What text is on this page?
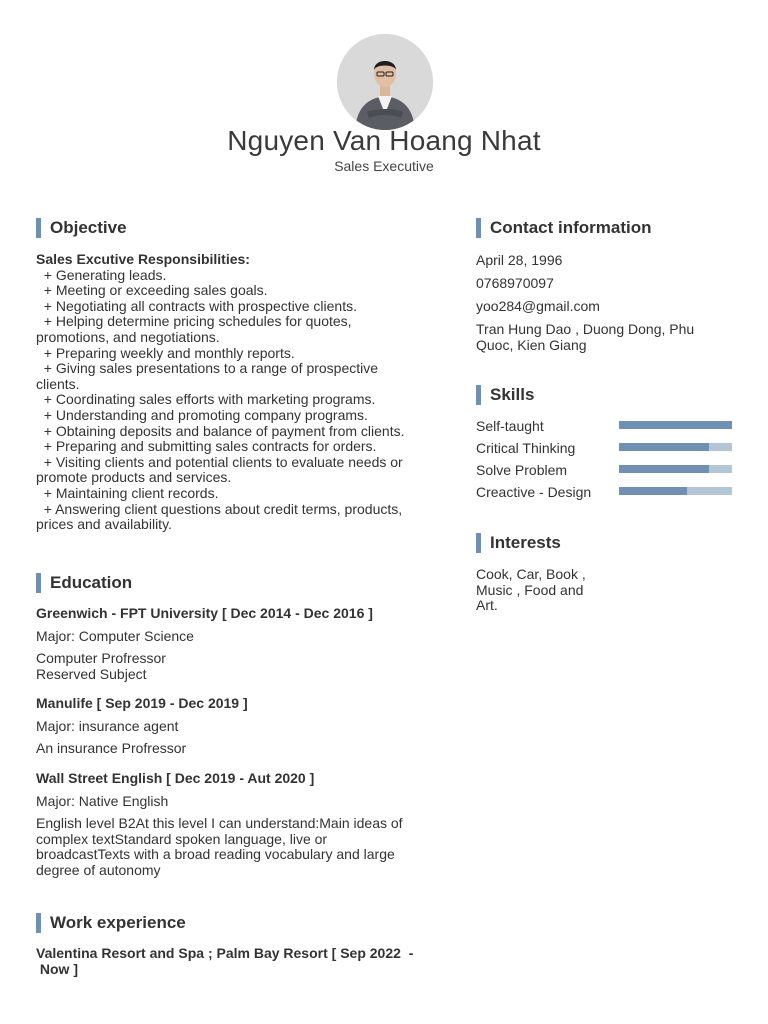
Nguyen Van Hoang Nhat
Sales Executive
Objective
Sales Excutive Responsibilities:
+ Generating leads.
+ Meeting or exceeding sales goals.
+ Negotiating all contracts with prospective clients.
+ Helping determine pricing schedules for quotes,
promotions, and negotiations.
+ Preparing weekly and monthly reports.
+ Giving sales presentations to a range of prospective
clients.
+ Coordinating sales efforts with marketing programs.
+ Understanding and promoting company programs.
+ Obtaining deposits and balance of payment from clients.
+ Preparing and submitting sales contracts for orders.
+ Visiting clients and potential clients to evaluate needs or
promote products and services.
+ Maintaining client records.
+ Answering client questions about credit terms, products,
prices and availability.
Education
Greenwich - FPT University [ Dec 2014 - Dec 2016 ]
Major: Computer Science
Computer Profressor
Reserved Subject
Manulife [ Sep 2019 - Dec 2019 ]
Major: insurance agent
An insurance Profressor
Wall Street English [ Dec 2019 - Aut 2020 ]
Major: Native English
English level B2At this level I can understand:Main ideas of
complex textStandard spoken language, live or
broadcastTexts with a broad reading vocabulary and large
degree of autonomy
Work experience
Valentina Resort and Spa ; Palm Bay Resort [ Sep 2022  -
Now ]
Contact information
April 28, 1996
0768970097
yoo284@gmail.com
Tran Hung Dao , Duong Dong, Phu
Quoc, Kien Giang
Skills
Self-taught
Critical Thinking
Solve Problem
Creactive - Design
Interests
Cook, Car, Book ,
Music , Food and
Art.
